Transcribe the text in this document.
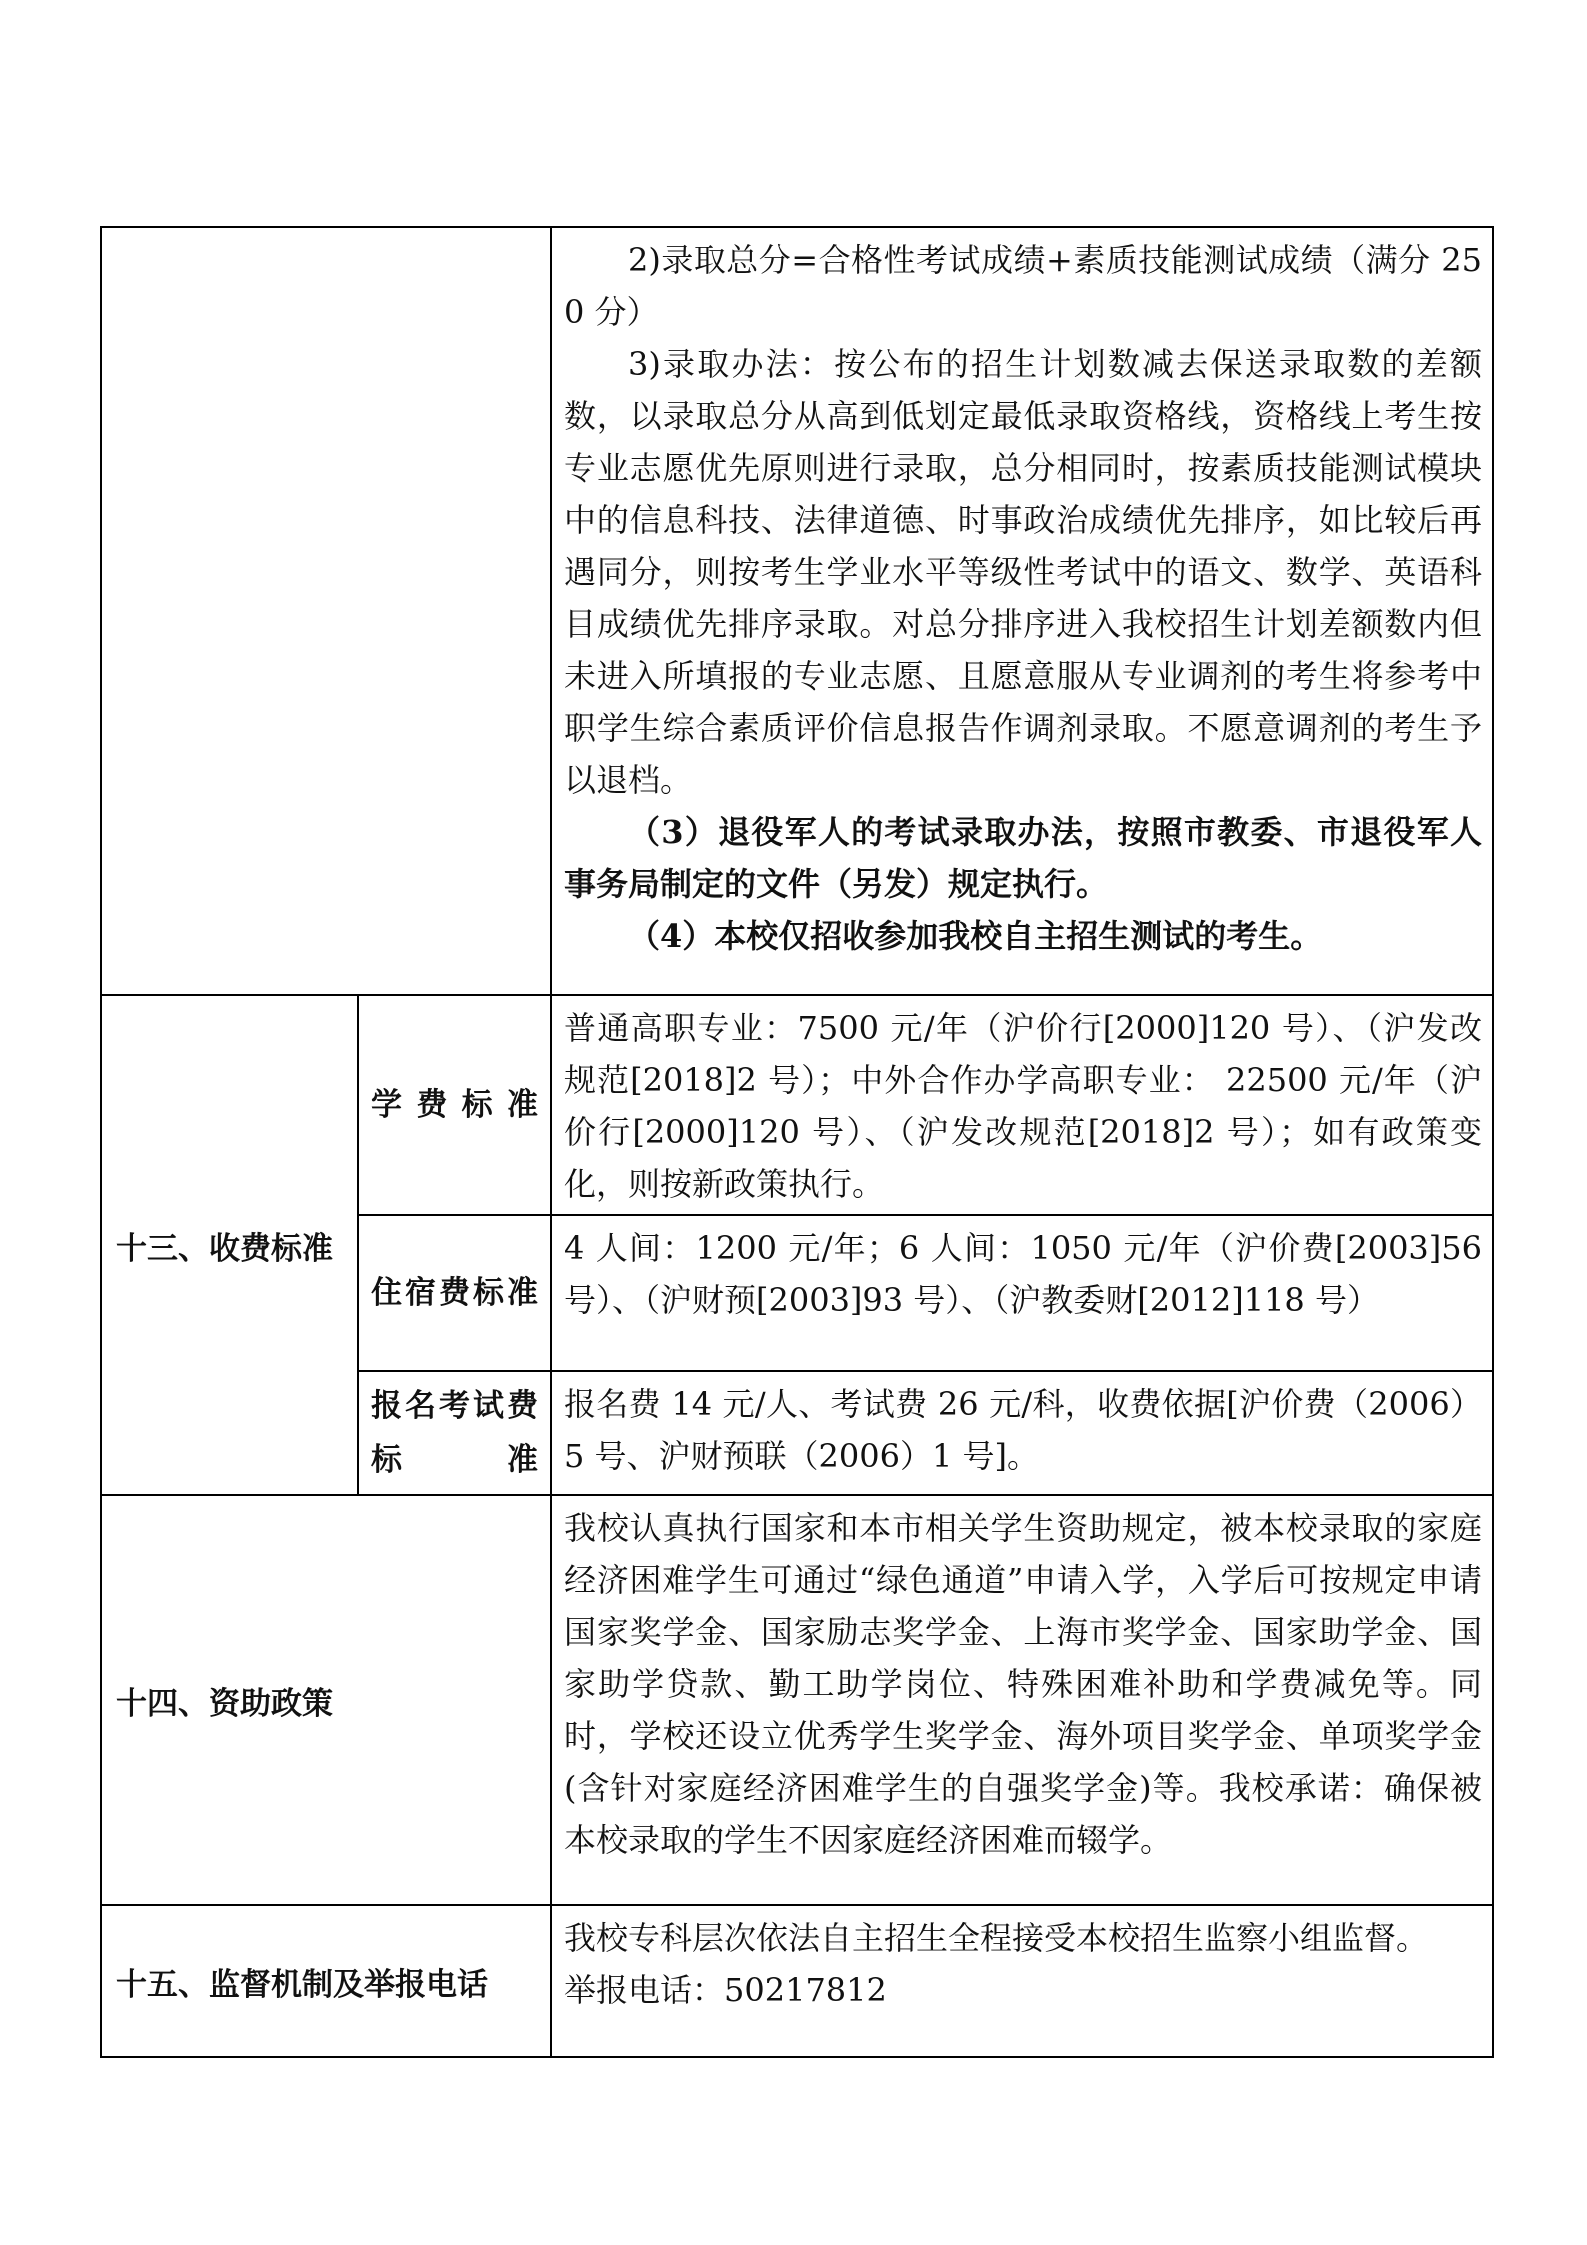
		2)录取总分=合格性考试成绩+素质技能测试成绩（满分 250 分）

3)录取办法：按公布的招生计划数减去保送录取数的差额数，以录取总分从高到低划定最低录取资格线，资格线上考生按专业志愿优先原则进行录取，总分相同时，按素质技能测试模块中的信息科技、法律道德、时事政治成绩优先排序，如比较后再遇同分，则按考生学业水平等级性考试中的语文、数学、英语科目成绩优先排序录取。对总分排序进入我校招生计划差额数内但未进入所填报的专业志愿、且愿意服从专业调剂的考生将参考中职学生综合素质评价信息报告作调剂录取。不愿意调剂的考生予以退档。

（3）退役军人的考试录取办法，按照市教委、市退役军人事务局制定的文件（另发）规定执行。

（4）本校仅招收参加我校自主招生测试的考生。

十三、收费标准	学费标准	普通高职专业：7500 元/年（沪价行[2000]120 号）、（沪发改规范[2018]2 号）；中外合作办学高职专业： 22500 元/年（沪价行[2000]120 号）、（沪发改规范[2018]2 号）；如有政策变化，则按新政策执行。

	住宿费标准	4 人间：1200 元/年；6 人间：1050 元/年（沪价费[2003]56 号）、（沪财预[2003]93 号）、（沪教委财[2012]118 号）

	报名考试费标准	报名费 14 元/人、考试费 26 元/科，收费依据[沪价费（2006）5 号、沪财预联（2006）1 号]。

十四、资助政策		我校认真执行国家和本市相关学生资助规定，被本校录取的家庭经济困难学生可通过“绿色通道”申请入学，入学后可按规定申请国家奖学金、国家励志奖学金、上海市奖学金、国家助学金、国家助学贷款、勤工助学岗位、特殊困难补助和学费减免等。同时，学校还设立优秀学生奖学金、海外项目奖学金、单项奖学金(含针对家庭经济困难学生的自强奖学金)等。我校承诺：确保被本校录取的学生不因家庭经济困难而辍学。

十五、监督机制及举报电话		我校专科层次依法自主招生全程接受本校招生监察小组监督。

举报电话：50217812
